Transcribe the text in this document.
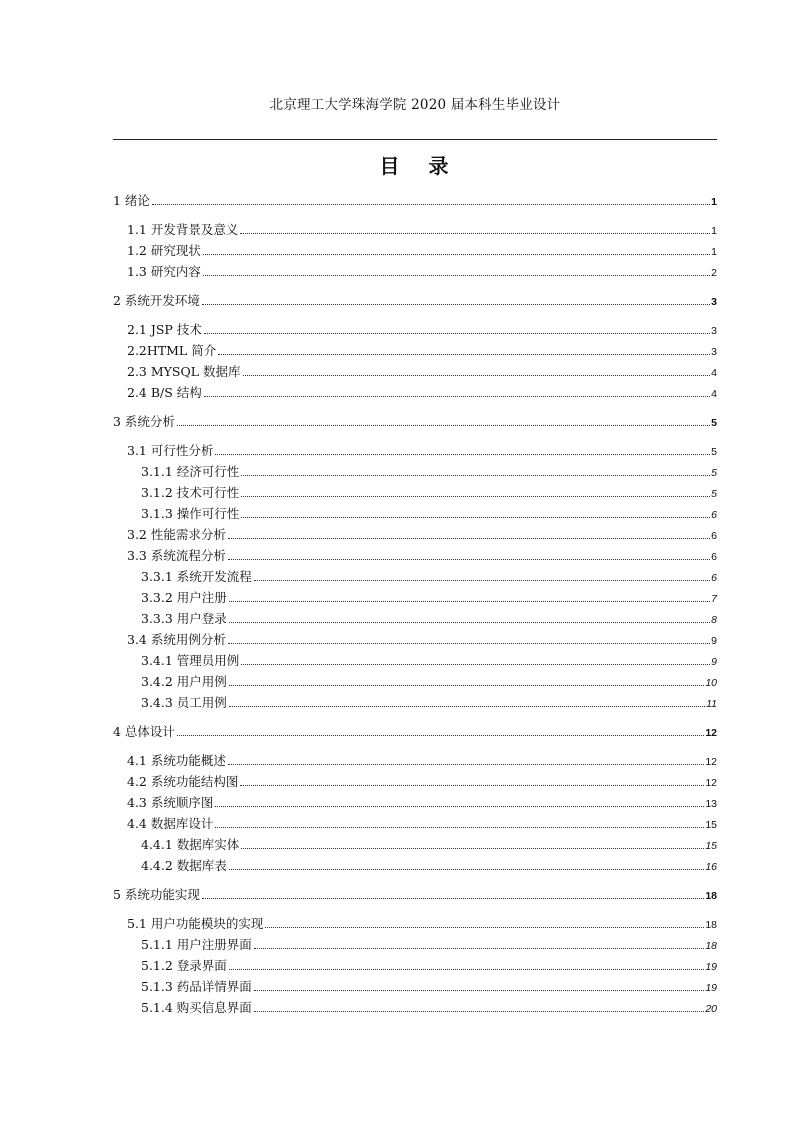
北京理工大学珠海学院 2020 届本科生毕业设计
目 录
1 绪论	1
1.1 开发背景及意义	1
1.2 研究现状	1
1.3 研究内容	2
2 系统开发环境	3
2.1 JSP 技术	3
2.2HTML 简介	3
2.3 MYSQL 数据库	4
2.4 B/S 结构	4
3 系统分析	5
3.1 可行性分析	5
3.1.1 经济可行性	5
3.1.2 技术可行性	5
3.1.3 操作可行性	6
3.2 性能需求分析	6
3.3 系统流程分析	6
3.3.1 系统开发流程	6
3.3.2 用户注册	7
3.3.3 用户登录	8
3.4 系统用例分析	9
3.4.1 管理员用例	9
3.4.2 用户用例	10
3.4.3 员工用例	11
4 总体设计	12
4.1 系统功能概述	12
4.2 系统功能结构图	12
4.3 系统顺序图	13
4.4 数据库设计	15
4.4.1 数据库实体	15
4.4.2 数据库表	16
5 系统功能实现	18
5.1 用户功能模块的实现	18
5.1.1 用户注册界面	18
5.1.2 登录界面	19
5.1.3 药品详情界面	19
5.1.4 购买信息界面	20
